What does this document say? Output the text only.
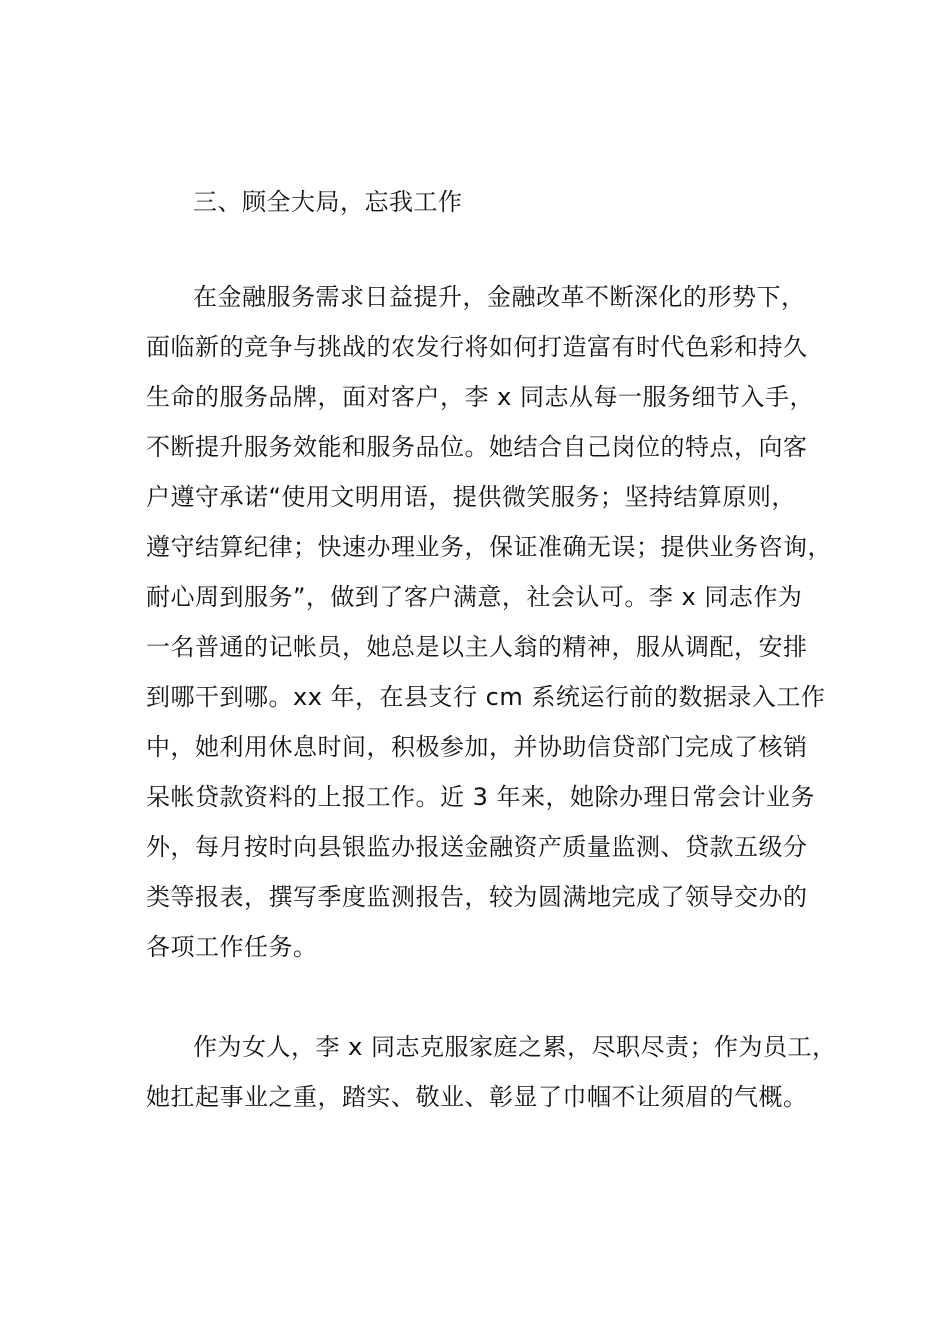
三、顾全大局，忘我工作
在金融服务需求日益提升，金融改革不断深化的形势下，
面临新的竞争与挑战的农发行将如何打造富有时代色彩和持久
生命的服务品牌，面对客户，李 x 同志从每一服务细节入手，
不断提升服务效能和服务品位。她结合自己岗位的特点，向客
户遵守承诺“使用文明用语，提供微笑服务；坚持结算原则，
遵守结算纪律；快速办理业务，保证准确无误；提供业务咨询，
耐心周到服务”，做到了客户满意，社会认可。李 x 同志作为
一名普通的记帐员，她总是以主人翁的精神，服从调配，安排
到哪干到哪。xx 年，在县支行 cm 系统运行前的数据录入工作
中，她利用休息时间，积极参加，并协助信贷部门完成了核销
呆帐贷款资料的上报工作。近 3 年来，她除办理日常会计业务
外，每月按时向县银监办报送金融资产质量监测、贷款五级分
类等报表，撰写季度监测报告，较为圆满地完成了领导交办的
各项工作任务。
作为女人，李 x 同志克服家庭之累，尽职尽责；作为员工，
她扛起事业之重，踏实、敬业、彰显了巾帼不让须眉的气概。
